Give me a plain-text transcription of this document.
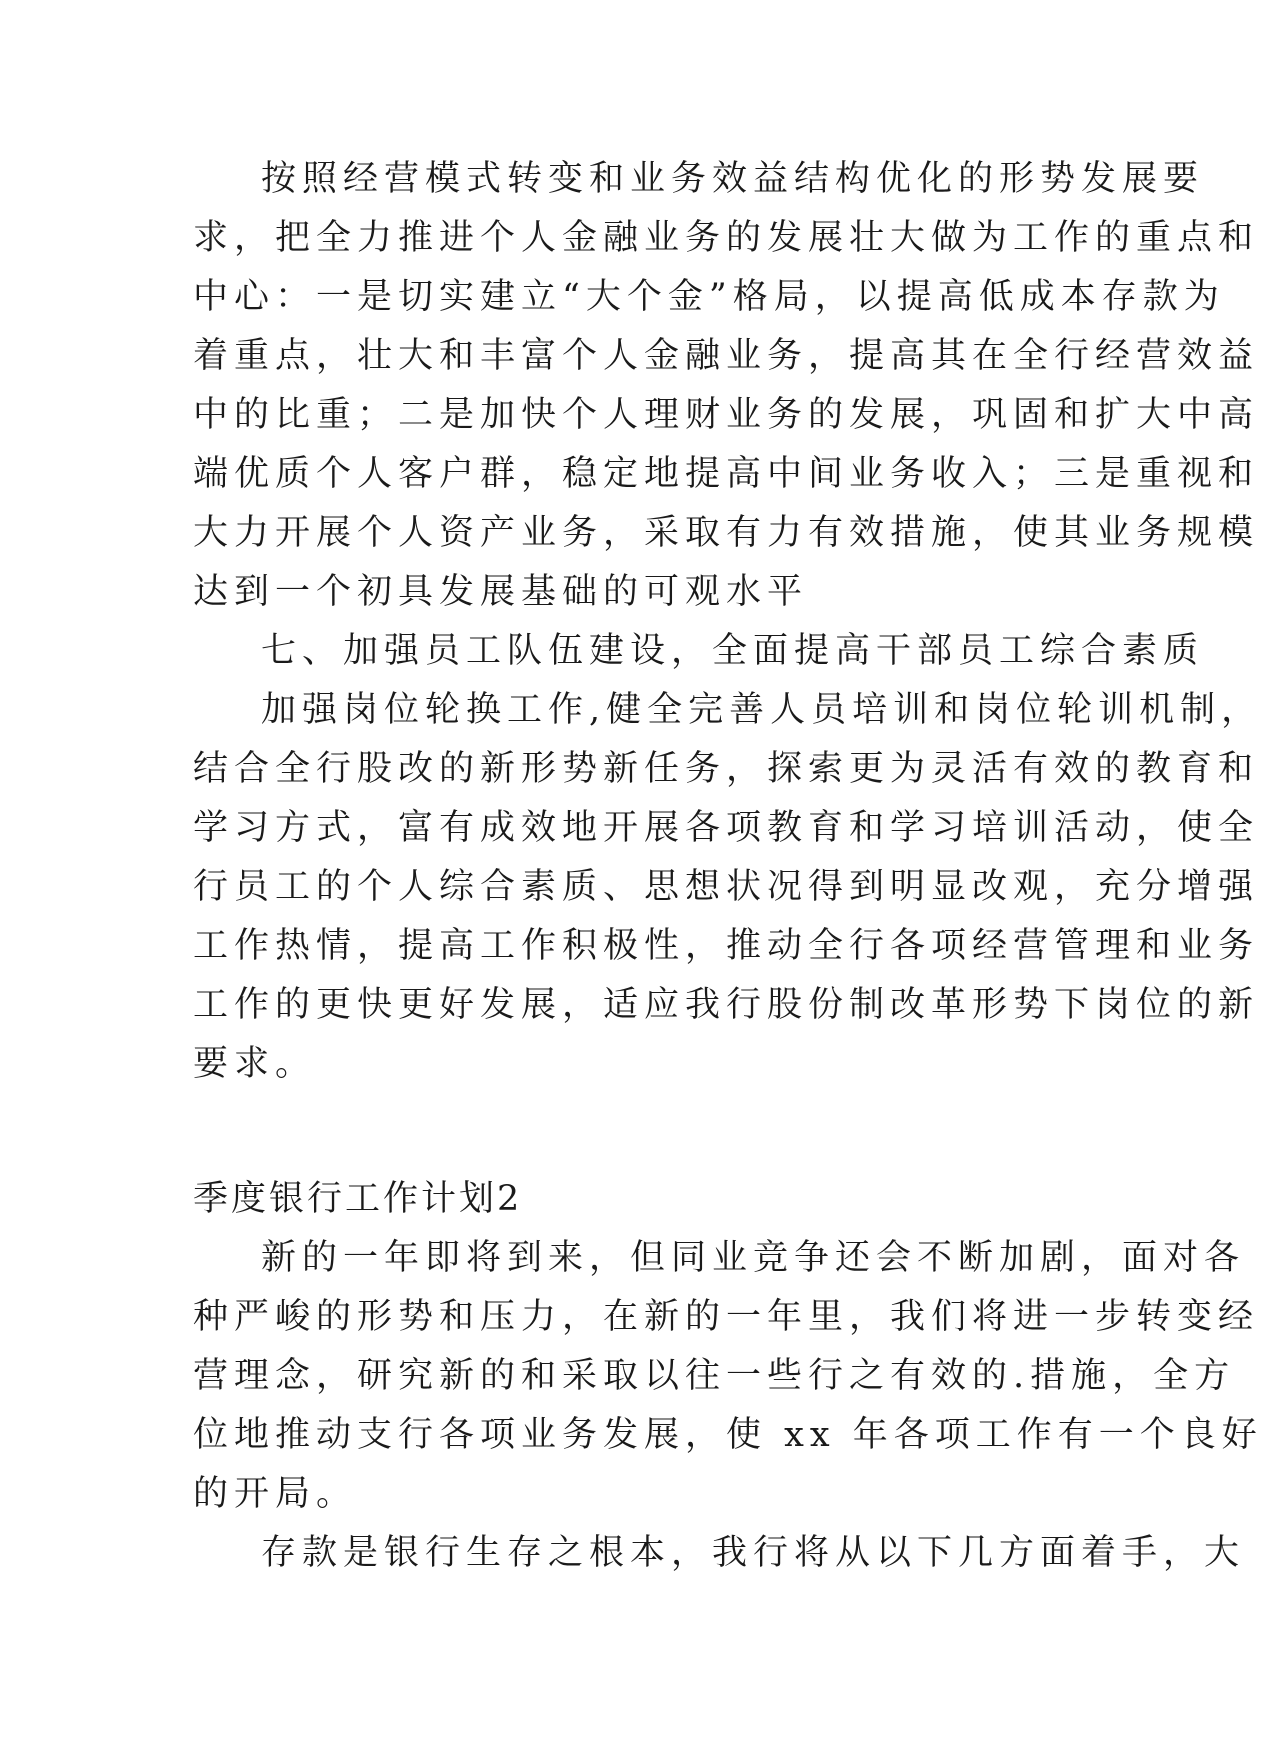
按照经营模式转变和业务效益结构优化的形势发展要
求，把全力推进个人金融业务的发展壮大做为工作的重点和
中心：一是切实建立“大个金”格局，以提高低成本存款为
着重点，壮大和丰富个人金融业务，提高其在全行经营效益
中的比重；二是加快个人理财业务的发展，巩固和扩大中高
端优质个人客户群，稳定地提高中间业务收入；三是重视和
大力开展个人资产业务，采取有力有效措施，使其业务规模
达到一个初具发展基础的可观水平
七、加强员工队伍建设，全面提高干部员工综合素质
加强岗位轮换工作,健全完善人员培训和岗位轮训机制，
结合全行股改的新形势新任务，探索更为灵活有效的教育和
学习方式，富有成效地开展各项教育和学习培训活动，使全
行员工的个人综合素质、思想状况得到明显改观，充分增强
工作热情，提高工作积极性，推动全行各项经营管理和业务
工作的更快更好发展，适应我行股份制改革形势下岗位的新
要求。
季度银行工作计划2
新的一年即将到来，但同业竞争还会不断加剧，面对各
种严峻的形势和压力，在新的一年里，我们将进一步转变经
营理念，研究新的和采取以往一些行之有效的.措施，全方
位地推动支行各项业务发展，使 xx 年各项工作有一个良好
的开局。
存款是银行生存之根本，我行将从以下几方面着手，大
